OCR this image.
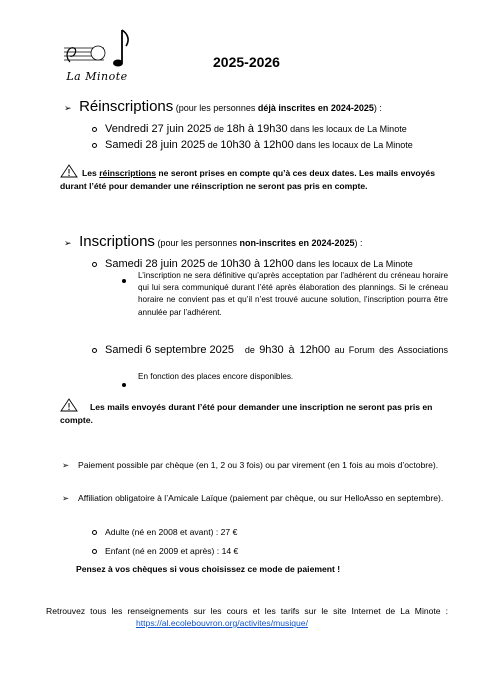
La Minote
2025-2026
➢ Réinscriptions (pour les personnes déjà inscrites en 2024-2025) :
Vendredi 27 juin 2025 de 18h à 19h30 dans les locaux de La Minote
Samedi 28 juin 2025 de 10h30 à 12h00 dans les locaux de La Minote
Les réinscriptions ne seront prises en compte qu’à ces deux dates. Les mails envoyés durant l’été pour demander une réinscription ne seront pas pris en compte.
➢ Inscriptions (pour les personnes non-inscrites en 2024-2025) :
Samedi 28 juin 2025 de 10h30 à 12h00 dans les locaux de La Minote
L’inscription ne sera définitive qu’après acceptation par l’adhérent du créneau horaire qui lui sera communiqué durant l’été après élaboration des plannings. Si le créneau horaire ne convient pas et qu’il n’est trouvé aucune solution, l’inscription pourra être annulée par l’adhérent.
Samedi 6 septembre 2025 de 9h30 à 12h00 au Forum des Associations
En fonction des places encore disponibles.
Les mails envoyés durant l’été pour demander une inscription ne seront pas pris en compte.
➢ Paiement possible par chèque (en 1, 2 ou 3 fois) ou par virement (en 1 fois au mois d’octobre).
➢ Affiliation obligatoire à l’Amicale Laïque (paiement par chèque, ou sur HelloAsso en septembre).
Adulte (né en 2008 et avant) : 27 €
Enfant (né en 2009 et après) : 14 €
Pensez à vos chèques si vous choisissez ce mode de paiement !
Retrouvez tous les renseignements sur les cours et les tarifs sur le site Internet de La Minote :
https://al.ecolebouvron.org/activites/musique/
